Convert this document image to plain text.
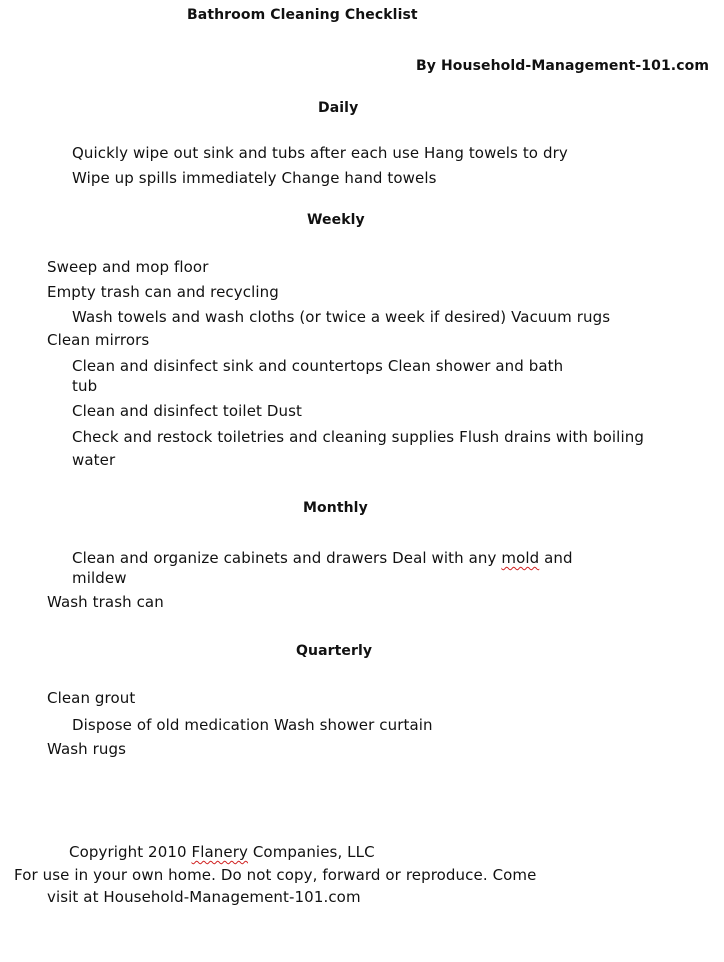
Bathroom Cleaning Checklist
By Household-Management-101.com
Daily
Quickly wipe out sink and tubs after each use Hang towels to dry
Wipe up spills immediately Change hand towels
Weekly
Sweep and mop floor
Empty trash can and recycling
Wash towels and wash cloths (or twice a week if desired) Vacuum rugs
Clean mirrors
Clean and disinfect sink and countertops Clean shower and bath
tub
Clean and disinfect toilet Dust
Check and restock toiletries and cleaning supplies Flush drains with boiling
water
Monthly
Clean and organize cabinets and drawers Deal with any mold and
mildew
Wash trash can
Quarterly
Clean grout
Dispose of old medication Wash shower curtain
Wash rugs
Copyright 2010 Flanery Companies, LLC
For use in your own home. Do not copy, forward or reproduce. Come
visit at Household-Management-101.com
